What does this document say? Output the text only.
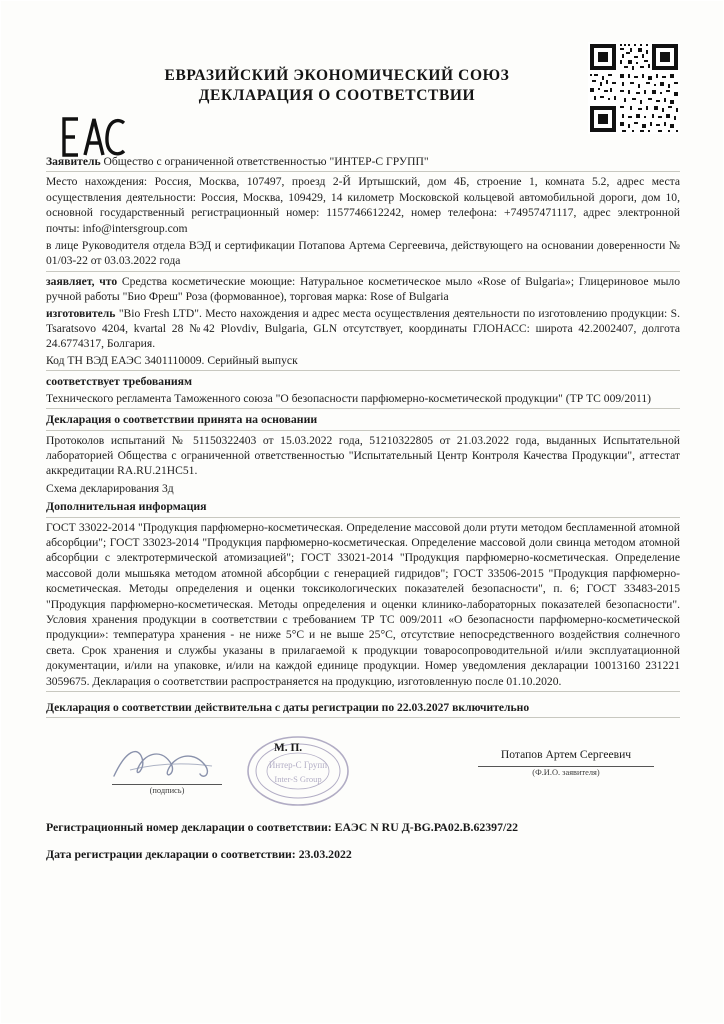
ЕВРАЗИЙСКИЙ ЭКОНОМИЧЕСКИЙ СОЮЗ
ДЕКЛАРАЦИЯ О СООТВЕТСТВИИ
Заявитель Общество с ограниченной ответственностью "ИНТЕР-С ГРУПП"
Место нахождения: Россия, Москва, 107497, проезд 2-Й Иртышский, дом 4Б, строение 1, комната 5.2, адрес места осуществления деятельности: Россия, Москва, 109429, 14 километр Московской кольцевой автомобильной дороги, дом 10, основной государственный регистрационный номер: 1157746612242, номер телефона: +74957471117, адрес электронной почты: info@intersgroup.com
в лице Руководителя отдела ВЭД и сертификации Потапова Артема Сергеевича, действующего на основании доверенности № 01/03-22 от 03.03.2022 года
заявляет, что Средства косметические моющие: Натуральное косметическое мыло «Rose of Bulgaria»; Глицериновое мыло ручной работы "Био Фреш" Роза (формованное), торговая марка: Rose of Bulgaria
изготовитель "Bio Fresh LTD". Место нахождения и адрес места осуществления деятельности по изготовлению продукции: S. Tsaratsovo 4204, kvartal 28 №42 Plovdiv, Bulgaria, GLN отсутствует, координаты ГЛОНАСС: широта 42.2002407, долгота 24.6774317, Болгария.
Код ТН ВЭД ЕАЭС 3401110009. Серийный выпуск
соответствует требованиям
Технического регламента Таможенного союза "О безопасности парфюмерно-косметической продукции" (ТР ТС 009/2011)
Декларация о соответствии принята на основании
Протоколов испытаний № 51150322403 от 15.03.2022 года, 51210322805 от 21.03.2022 года, выданных Испытательной лабораторией Общества с ограниченной ответственностью "Испытательный Центр Контроля Качества Продукции", аттестат аккредитации RA.RU.21НС51.
Схема декларирования 3д
Дополнительная информация
ГОСТ 33022-2014 "Продукция парфюмерно-косметическая. Определение массовой доли ртути методом беспламенной атомной абсорбции"; ГОСТ 33023-2014 "Продукция парфюмерно-косметическая. Определение массовой доли свинца методом атомной абсорбции с электротермической атомизацией"; ГОСТ 33021-2014 "Продукция парфюмерно-косметическая. Определение массовой доли мышьяка методом атомной абсорбции с генерацией гидридов"; ГОСТ 33506-2015 "Продукция парфюмерно-косметическая. Методы определения и оценки токсикологических показателей безопасности", п. 6; ГОСТ 33483-2015 "Продукция парфюмерно-косметическая. Методы определения и оценки клинико-лабораторных показателей безопасности". Условия хранения продукции в соответствии с требованием ТР ТС 009/2011 «О безопасности парфюмерно-косметической продукции»: температура хранения - не ниже 5°С и не выше 25°С, отсутствие непосредственного воздействия солнечного света. Срок хранения и службы указаны в прилагаемой к продукции товаросопроводительной и/или эксплуатационной документации, и/или на упаковке, и/или на каждой единице продукции. Номер уведомления декларации 10013160 231221 3059675. Декларация о соответствии распространяется на продукцию, изготовленную после 01.10.2020.
Декларация о соответствии действительна с даты регистрации по 22.03.2027 включительно
(подпись)
Интер-С Групп
Inter-S Group
М. П.	Потапов Артем Сергеевич
(Ф.И.О. заявителя)
Регистрационный номер декларации о соответствии: ЕАЭС N RU Д-BG.РА02.В.62397/22
Дата регистрации декларации о соответствии: 23.03.2022
